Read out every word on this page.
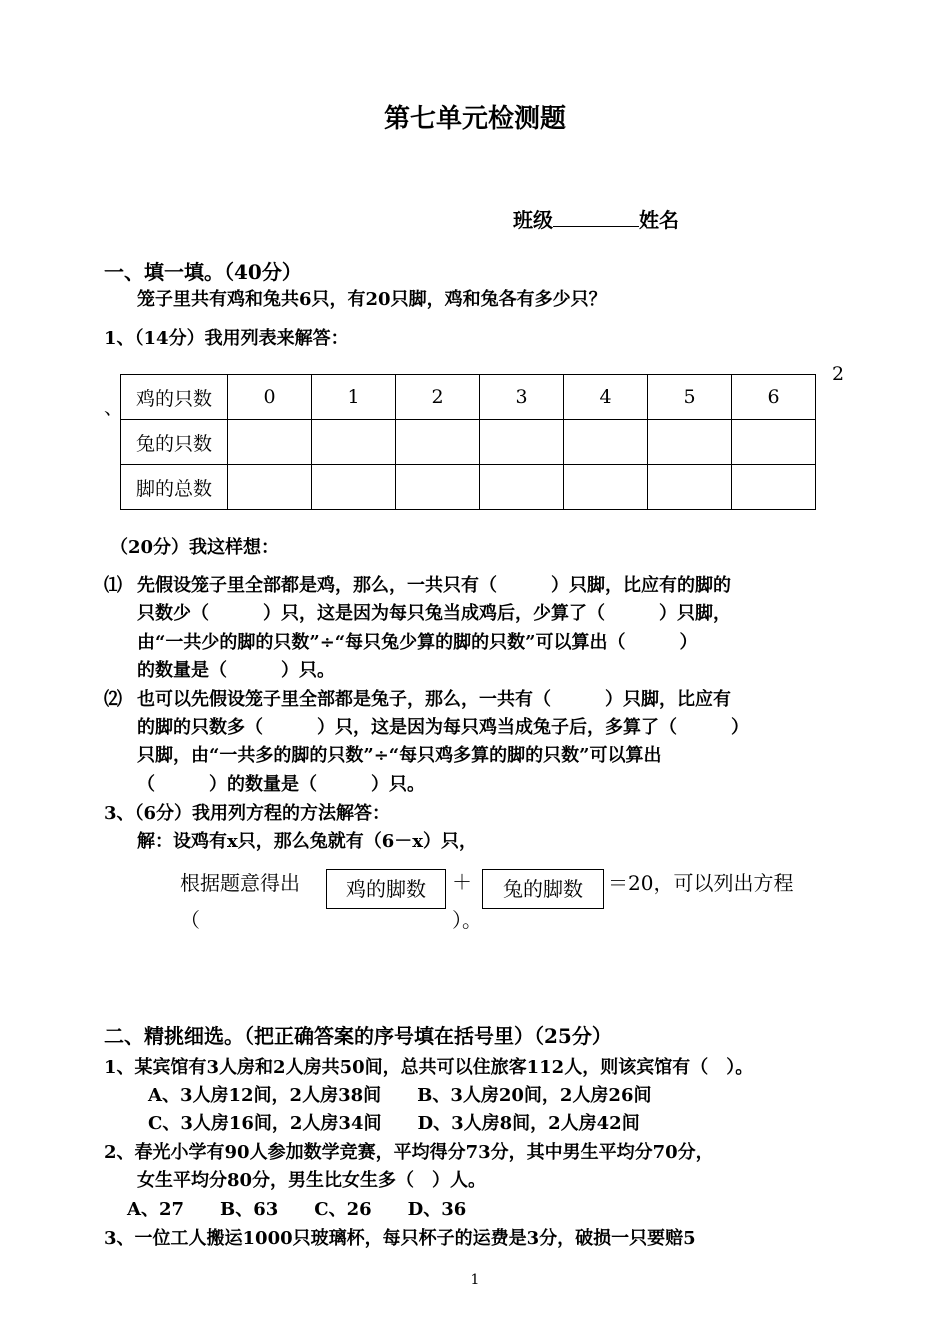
第七单元检测题
班级	姓名
一、填一填。（40分）
笼子里共有鸡和兔共6只，有20只脚，鸡和兔各有多少只？
1、（14分）我用列表来解答：
2
、 鸡的只数	0	1	2	3	4	5	6
兔的只数							
脚的总数							
（20分）我这样想：
⑴ 先假设笼子里全部都是鸡，那么，一共只有（　　　）只脚，比应有的脚的
只数少（　　　）只，这是因为每只兔当成鸡后，少算了（　　　）只脚，
由“一共少的脚的只数”÷“每只兔少算的脚的只数”可以算出（　　　）
的数量是（　　　）只。
⑵ 也可以先假设笼子里全部都是兔子，那么，一共有（　　　）只脚，比应有
的脚的只数多（　　　）只，这是因为每只鸡当成兔子后，多算了（　　　）
只脚，由“一共多的脚的只数”÷“每只鸡多算的脚的只数”可以算出
（　　　）的数量是（　　　）只。
3、（6分）我用列方程的方法解答：
解：设鸡有x只，那么兔就有（6－x）只，
根据题意得出	鸡的脚数	＋	兔的脚数	＝20，可以列出方程
（	）。
二、精挑细选。（把正确答案的序号填在括号里）（25分）
1、某宾馆有3人房和2人房共50间，总共可以住旅客112人，则该宾馆有（　）。
A、3人房12间，2人房38间　　B、3人房20间，2人房26间
C、3人房16间，2人房34间　　D、3人房8间，2人房42间
2、春光小学有90人参加数学竞赛，平均得分73分，其中男生平均分70分，
女生平均分80分，男生比女生多（　）人。
A、27　　B、63　　C、26　　D、36
3、一位工人搬运1000只玻璃杯，每只杯子的运费是3分，破损一只要赔5
1
